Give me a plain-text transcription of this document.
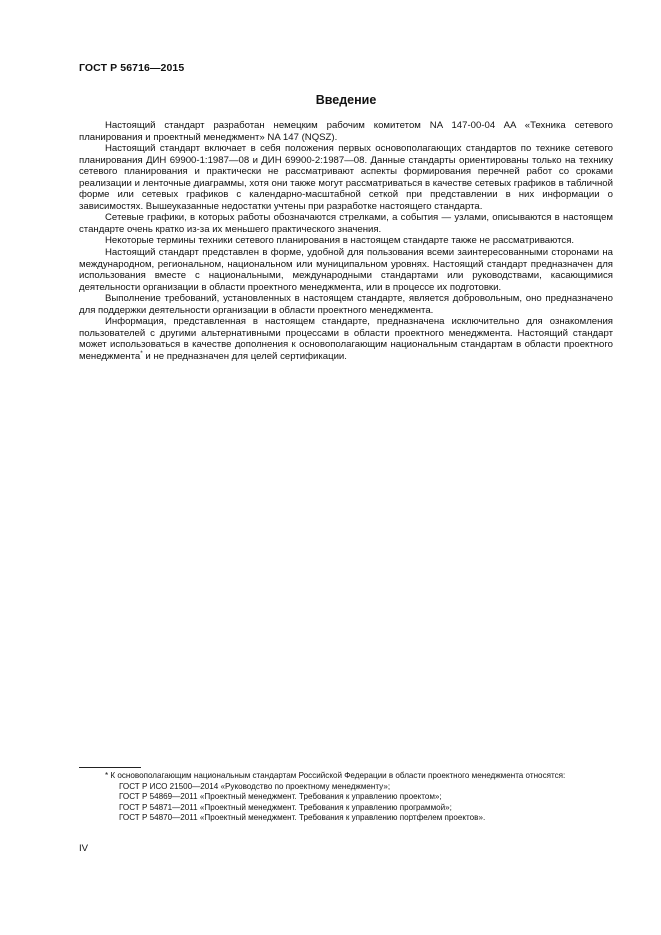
ГОСТ Р 56716—2015
Введение

Настоящий стандарт разработан немецким рабочим комитетом NA 147-00-04 AA «Техника сетевого планирования и проектный менеджмент» NA 147 (NQSZ).

Настоящий стандарт включает в себя положения первых основополагающих стандартов по технике сетевого планирования ДИН 69900-1:1987—08 и ДИН 69900-2:1987—08. Данные стандарты ориентированы только на технику сетевого планирования и практически не рассматривают аспекты формирования перечней работ со сроками реализации и ленточные диаграммы, хотя они также могут рассматриваться в качестве сетевых графиков в табличной форме или сетевых графиков с календарно-масштабной сеткой при представлении в них информации о зависимостях. Вышеуказанные недостатки учтены при разработке настоящего стандарта.

Сетевые графики, в которых работы обозначаются стрелками, а события — узлами, описываются в настоящем стандарте очень кратко из-за их меньшего практического значения.

Некоторые термины техники сетевого планирования в настоящем стандарте также не рассматриваются.

Настоящий стандарт представлен в форме, удобной для пользования всеми заинтересованными сторонами на международном, региональном, национальном или муниципальном уровнях. Настоящий стандарт предназначен для использования вместе с национальными, международными стандартами или руководствами, касающимися деятельности организации в области проектного менеджмента, или в процессе их подготовки.

Выполнение требований, установленных в настоящем стандарте, является добровольным, оно предназначено для поддержки деятельности организации в области проектного менеджмента.

Информация, представленная в настоящем стандарте, предназначена исключительно для ознакомления пользователей с другими альтернативными процессами в области проектного менеджмента. Настоящий стандарт может использоваться в качестве дополнения к основополагающим национальным стандартам в области проектного менеджмента* и не предназначен для целей сертификации.

* К основополагающим национальным стандартам Российской Федерации в области проектного менеджмента относятся:

ГОСТ Р ИСО 21500—2014 «Руководство по проектному менеджменту»;

ГОСТ Р 54869—2011 «Проектный менеджмент. Требования к управлению проектом»;

ГОСТ Р 54871—2011 «Проектный менеджмент. Требования к управлению программой»;

ГОСТ Р 54870—2011 «Проектный менеджмент. Требования к управлению портфелем проектов».

IV
